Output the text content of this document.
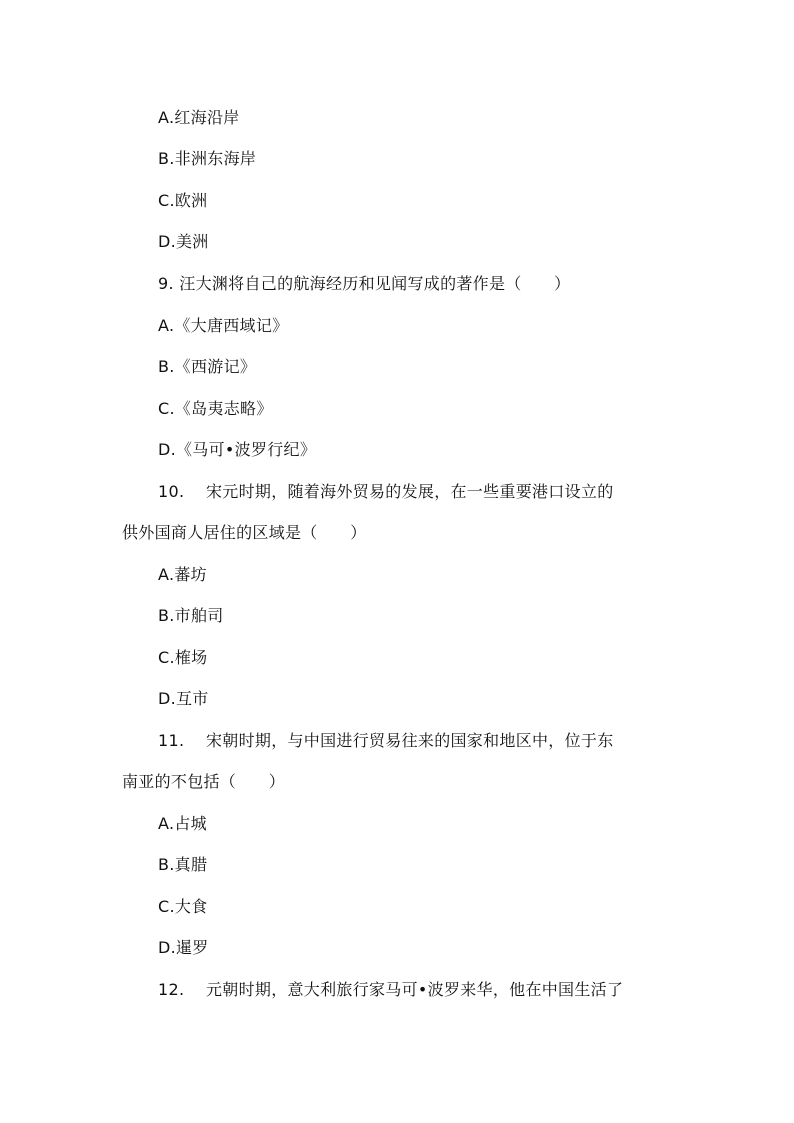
A.红海沿岸
B.非洲东海岸
C.欧洲
D.美洲
9. 汪大渊将自己的航海经历和见闻写成的著作是（　　）
A.《大唐西域记》
B.《西游记》
C.《岛夷志略》
D.《马可•波罗行纪》
10. 宋元时期，随着海外贸易的发展，在一些重要港口设立的
供外国商人居住的区域是（　　）
A.蕃坊
B.市舶司
C.榷场
D.互市
11. 宋朝时期，与中国进行贸易往来的国家和地区中，位于东
南亚的不包括（　　）
A.占城
B.真腊
C.大食
D.暹罗
12. 元朝时期，意大利旅行家马可•波罗来华，他在中国生活了
